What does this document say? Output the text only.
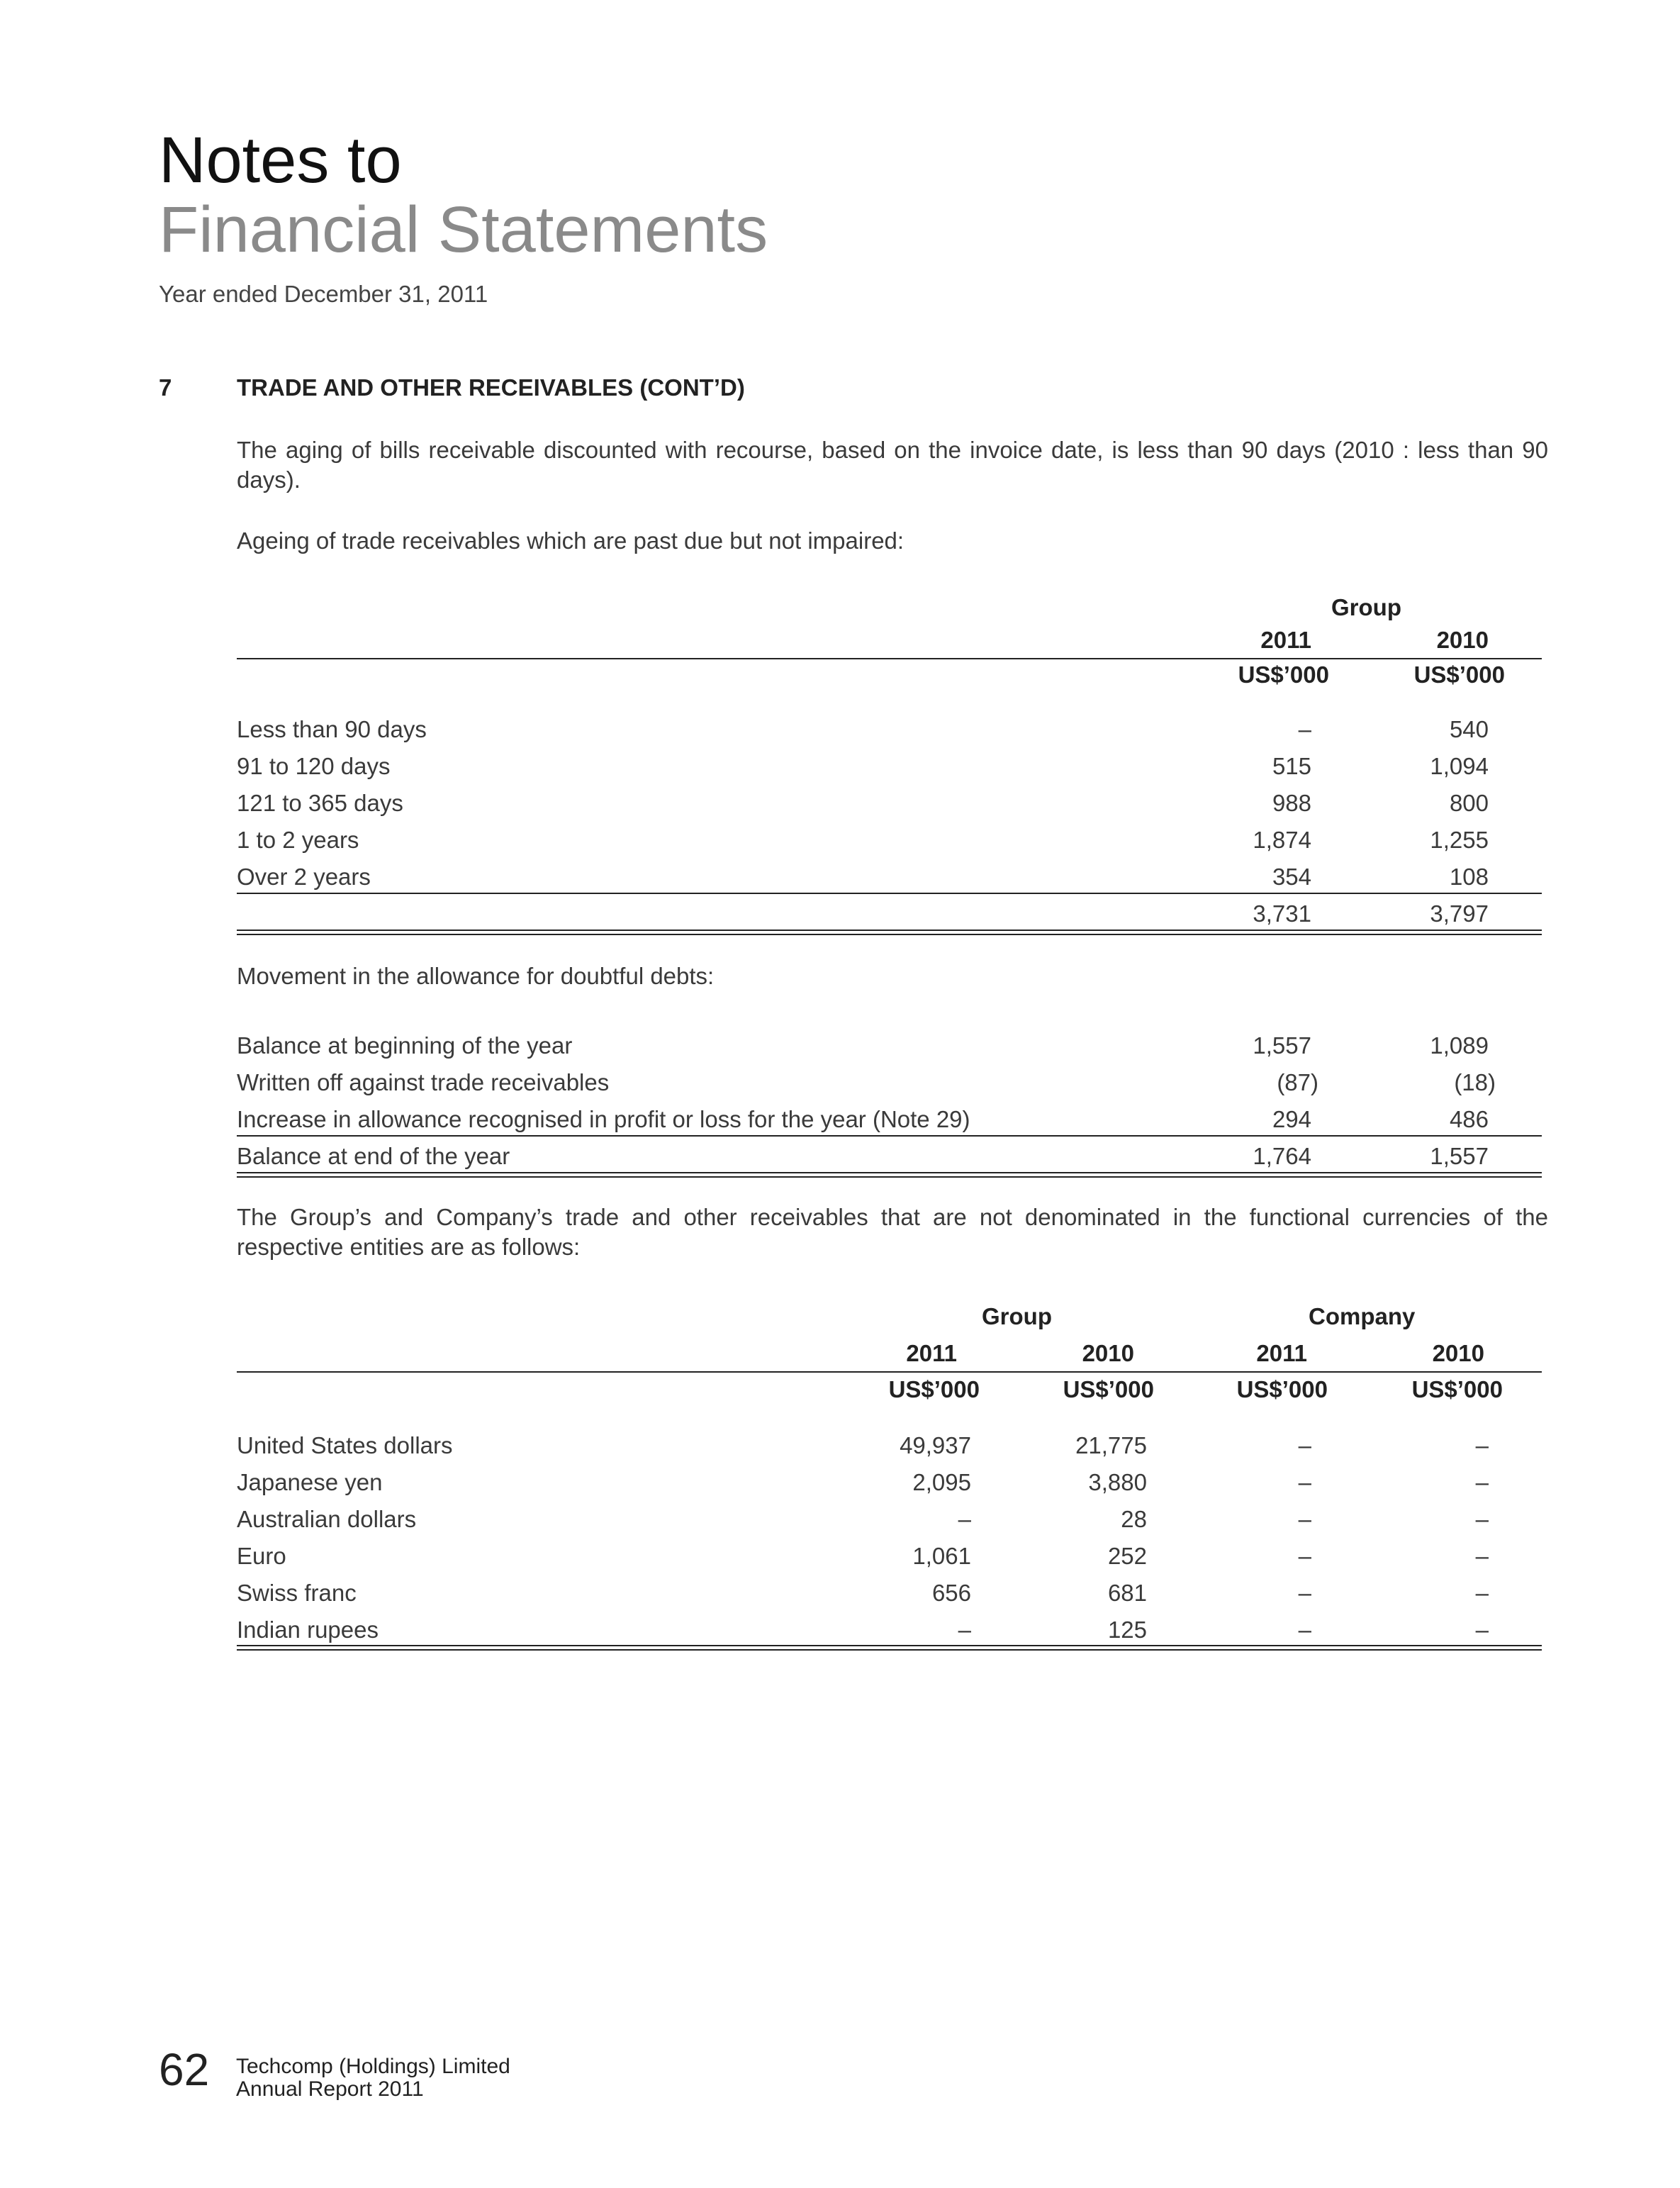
Notes to
Financial Statements
Year ended December 31, 2011
7	TRADE AND OTHER RECEIVABLES (CONT’D)
The aging of bills receivable discounted with recourse, based on the invoice date, is less than 90 days (2010 : less than 90 days).
Ageing of trade receivables which are past due but not impaired:
Group
2011	2010
US$’000	US$’000
Less than 90 days	–	540
91 to 120 days	515	1,094
121 to 365 days	988	800
1 to 2 years	1,874	1,255
Over 2 years	354	108
3,731	3,797
Movement in the allowance for doubtful debts:
Balance at beginning of the year	1,557	1,089
Written off against trade receivables	(87)	(18)
Increase in allowance recognised in profit or loss for the year (Note 29)	294	486
Balance at end of the year	1,764	1,557
The Group’s and Company’s trade and other receivables that are not denominated in the functional currencies of the respective entities are as follows:
Group	Company
2011	2010	2011	2010
US$’000	US$’000	US$’000	US$’000
United States dollars	49,937	21,775	–	–
Japanese yen	2,095	3,880	–	–
Australian dollars	–	28	–	–
Euro	1,061	252	–	–
Swiss franc	656	681	–	–
Indian rupees	–	125	–	–
62 Techcomp (Holdings) Limited
Annual Report 2011
